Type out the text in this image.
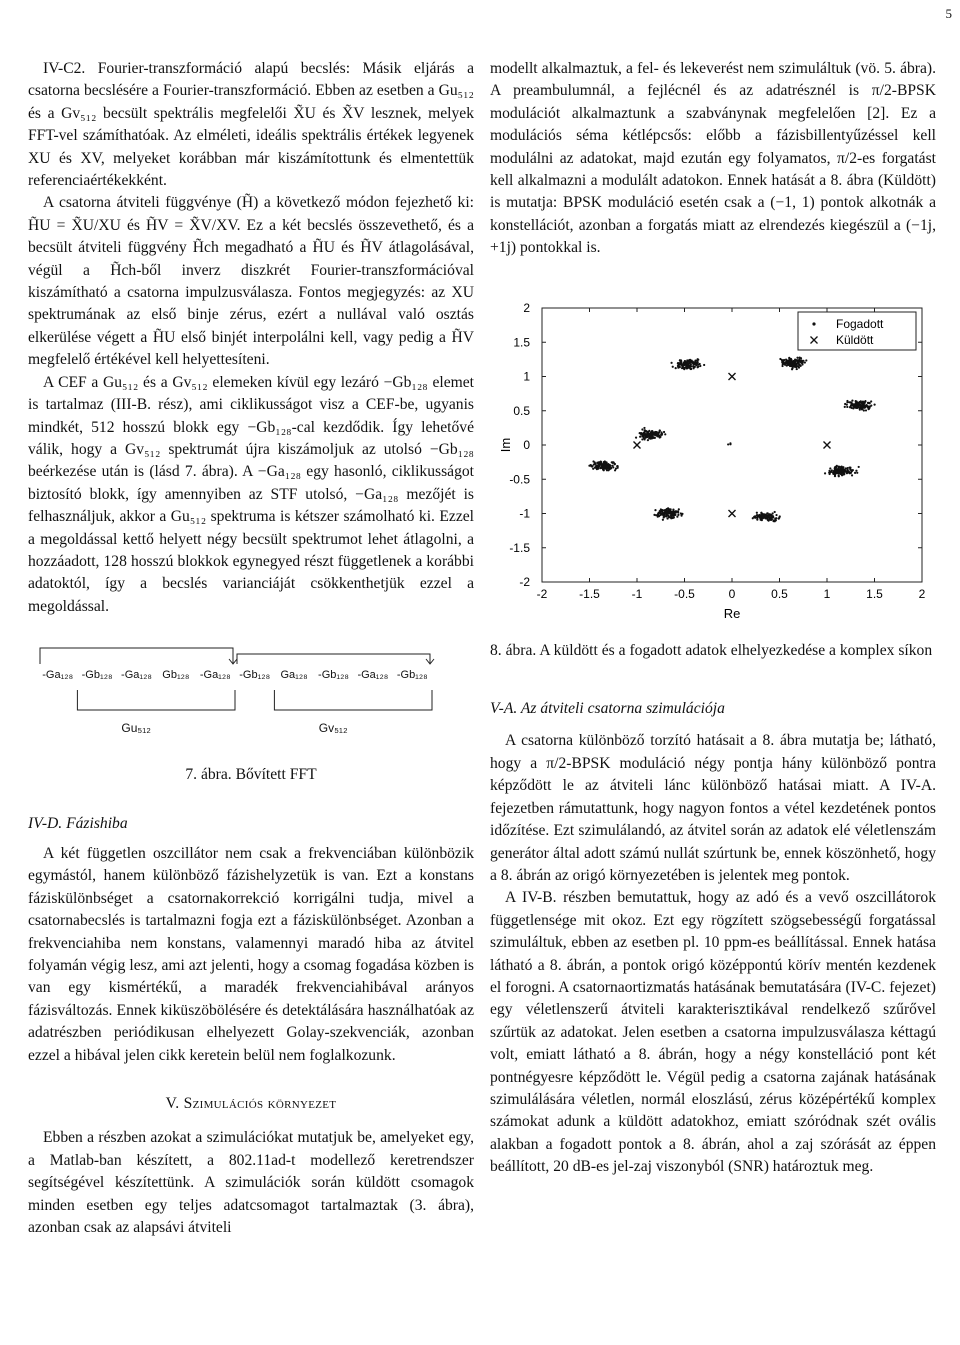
5

IV-C2. Fourier-transzformáció alapú becslés: Másik eljárás a csatorna becslésére a Fourier-transzformáció. Ebben az esetben a Gu₅₁₂ és a Gv₅₁₂ becsült spektrális megfelelői X̃U és X̃V lesznek, melyek FFT-vel számíthatóak. Az elméleti, ideális spektrális értékek legyenek XU és XV, melyeket korábban már kiszámítottunk és elmentettük referenciaértékekként.

A csatorna átviteli függvénye (H̃) a következő módon fejezhető ki: H̃U = X̃U/XU és H̃V = X̃V/XV. Ez a két becslés összevethető, és a becsült átviteli függvény H̃ch megadható a H̃U és H̃V átlagolásával, végül a H̃ch-ből inverz diszkrét Fourier-transzformációval kiszámítható a csatorna impulzusválasza. Fontos megjegyzés: az XU spektrumának az első binje zérus, ezért a nullával való osztás elkerülése végett a H̃U első binjét interpolálni kell, vagy pedig a H̃V megfelelő értékével kell helyettesíteni.

A CEF a Gu₅₁₂ és a Gv₅₁₂ elemeken kívül egy lezáró −Gb₁₂₈ elemet is tartalmaz (III-B. rész), ami ciklikusságot visz a CEF-be, ugyanis mindkét, 512 hosszú blokk egy −Gb₁₂₈-cal kezdődik. Így lehetővé válik, hogy a Gv₅₁₂ spektrumát újra kiszámoljuk az utolsó −Gb₁₂₈ beérkezése után is (lásd 7. ábra). A −Ga₁₂₈ egy hasonló, ciklikusságot biztosító blokk, így amennyiben az STF utolsó, −Ga₁₂₈ mezőjét is felhasználjuk, akkor a Gu₅₁₂ spektruma is kétszer számolható ki. Ezzel a megoldással kettő helyett négy becsült spektrumot lehet átlagolni, a hozzáadott, 128 hosszú blokkok egynegyed részt függetlenek a korábbi adatoktól, így a becslés varianciáját csökkenthetjük ezzel a megoldással.

-Ga₁₂₈ -Gb₁₂₈ -Ga₁₂₈ Gb₁₂₈ -Ga₁₂₈ -Gb₁₂₈ Ga₁₂₈ -Gb₁₂₈ -Ga₁₂₈ -Gb₁₂₈
Gu₅₁₂	Gv₅₁₂

7. ábra. Bővített FFT

IV-D. Fázishiba

A két független oszcillátor nem csak a frekvenciában különbözik egymástól, hanem különböző fázishelyzetük is van. Ezt a konstans fáziskülönbséget a csatornakorrekció korrigálni tudja, mivel a csatornabecslés is tartalmazni fogja ezt a fáziskülönbséget. Azonban a frekvenciahiba nem konstans, valamennyi maradó hiba az átvitel folyamán végig lesz, ami azt jelenti, hogy a csomag fogadása közben is van egy kismértékű, a maradék frekvenciahibával arányos fázisváltozás. Ennek kiküszöbölésére és detektálására használhatóak az adatrészben periódikusan elhelyezett Golay-szekvenciák, azonban ezzel a hibával jelen cikk keretein belül nem foglalkozunk.

V. Szimulációs környezet

Ebben a részben azokat a szimulációkat mutatjuk be, amelyeket egy, a Matlab-ban készített, a 802.11ad-t modellező keretrendszer segítségével készítettünk. A szimulációk során küldött csomagok minden esetben egy teljes adatcsomagot tartalmaztak (3. ábra), azonban csak az alapsávi átviteli

modellt alkalmaztuk, a fel- és lekeverést nem szimuláltuk (vö. 5. ábra). A preambulumnál, a fejlécnél és az adatrésznél is π/2-BPSK modulációt alkalmaztunk a szabványnak megfelelően [2]. Ez a modulációs séma kétlépcsős: előbb a fázisbillentyűzéssel kell modulálni az adatokat, majd ezután egy folyamatos, π/2-es forgatást kell alkalmazni a modulált adatokon. Ennek hatását a 8. ábra (Küldött) is mutatja: BPSK moduláció esetén csak a (−1, 1) pontok alkotnák a konstellációt, azonban a forgatás miatt az elrendezés kiegészül a (−1j, +1j) pontokkal is.

-2	-1.5	-1	-0.5	0	0.5	1	1.5	2
2
1.5
1
0.5
0
-0.5
-1
-1.5
-2
Re
Im
Fogadott
Küldött

8. ábra. A küldött és a fogadott adatok elhelyezkedése a komplex síkon

V-A. Az átviteli csatorna szimulációja

A csatorna különböző torzító hatásait a 8. ábra mutatja be; látható, hogy a π/2-BPSK moduláció négy pontja hány különböző pontra képződött le az átviteli lánc különböző hatásai miatt. A IV-A. fejezetben rámutattunk, hogy nagyon fontos a vétel kezdetének pontos időzítése. Ezt szimulálandó, az átvitel során az adatok elé véletlenszám generátor által adott számú nullát szúrtunk be, ennek köszönhető, hogy a 8. ábrán az origó környezetében is jelentek meg pontok.

A IV-B. részben bemutattuk, hogy az adó és a vevő oszcillátorok függetlensége mit okoz. Ezt egy rögzített szögsebességű forgatással szimuláltuk, ebben az esetben pl. 10 ppm-es beállítással. Ennek hatása látható a 8. ábrán, a pontok origó középpontú körív mentén kezdenek el forogni. A csatornaortizmatás hatásának bemutatására (IV-C. fejezet) egy véletlenszerű átviteli karakterisztikával rendelkező szűrővel szűrtük az adatokat. Jelen esetben a csatorna impulzusválasza kéttagú volt, emiatt látható a 8. ábrán, hogy a négy konstelláció pont két pontnégyesre képződött le. Végül pedig a csatorna zajának hatásának szimulálására véletlen, normál eloszlású, zérus középértékű komplex számokat adunk a küldött adatokhoz, emiatt szóródnak szét ovális alakban a fogadott pontok a 8. ábrán, ahol a zaj szórását az éppen beállított, 20 dB-es jel-zaj viszonyból (SNR) határoztuk meg.
